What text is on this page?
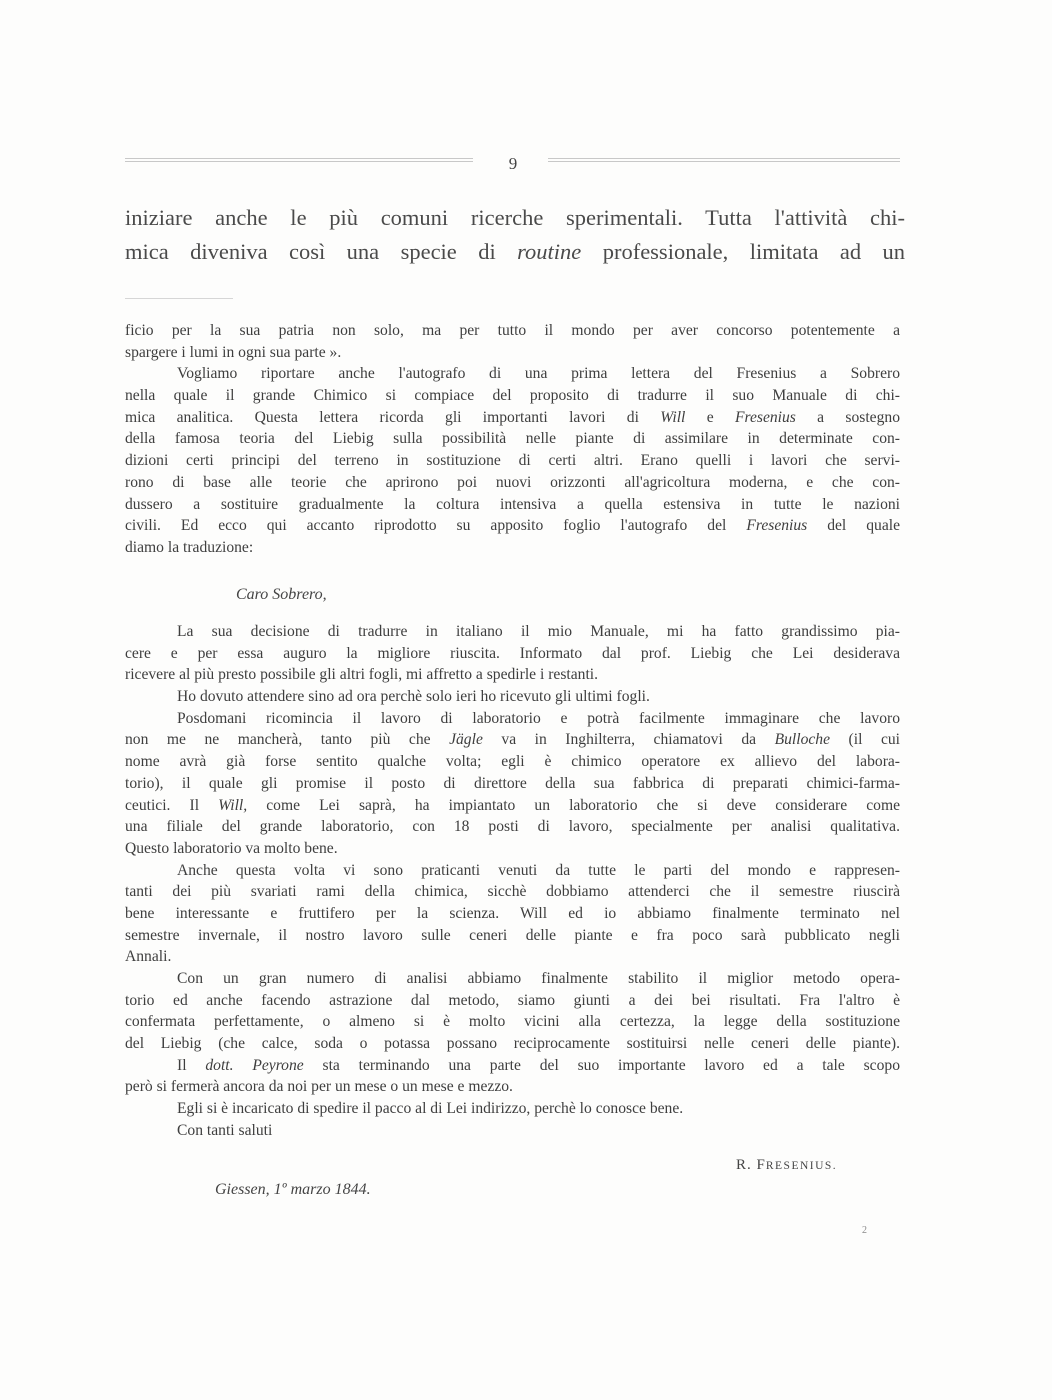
9
iniziare anche le più comuni ricerche sperimentali. Tutta l'attività chi-
mica diveniva così una specie di routine professionale, limitata ad un
ficio per la sua patria non solo, ma per tutto il mondo per aver concorso potentemente a
spargere i lumi in ogni sua parte ».
Vogliamo riportare anche l'autografo di una prima lettera del Fresenius a Sobrero
nella quale il grande Chimico si compiace del proposito di tradurre il suo Manuale di chi-
mica analitica. Questa lettera ricorda gli importanti lavori di Will e Fresenius a sostegno
della famosa teoria del Liebig sulla possibilità nelle piante di assimilare in determinate con-
dizioni certi principi del terreno in sostituzione di certi altri. Erano quelli i lavori che servi-
rono di base alle teorie che aprirono poi nuovi orizzonti all'agricoltura moderna, e che con-
dussero a sostituire gradualmente la coltura intensiva a quella estensiva in tutte le nazioni
civili. Ed ecco qui accanto riprodotto su apposito foglio l'autografo del Fresenius del quale
diamo la traduzione:
Caro Sobrero,
La sua decisione di tradurre in italiano il mio Manuale, mi ha fatto grandissimo pia-
cere e per essa auguro la migliore riuscita. Informato dal prof. Liebig che Lei desiderava
ricevere al più presto possibile gli altri fogli, mi affretto a spedirle i restanti.
Ho dovuto attendere sino ad ora perchè solo ieri ho ricevuto gli ultimi fogli.
Posdomani ricomincia il lavoro di laboratorio e potrà facilmente immaginare che lavoro
non me ne mancherà, tanto più che Jägle va in Inghilterra, chiamatovi da Bulloche (il cui
nome avrà già forse sentito qualche volta; egli è chimico operatore ex allievo del labora-
torio), il quale gli promise il posto di direttore della sua fabbrica di preparati chimici-farma-
ceutici. Il Will, come Lei saprà, ha impiantato un laboratorio che si deve considerare come
una filiale del grande laboratorio, con 18 posti di lavoro, specialmente per analisi qualitativa.
Questo laboratorio va molto bene.
Anche questa volta vi sono praticanti venuti da tutte le parti del mondo e rappresen-
tanti dei più svariati rami della chimica, sicchè dobbiamo attenderci che il semestre riuscirà
bene interessante e fruttifero per la scienza. Will ed io abbiamo finalmente terminato nel
semestre invernale, il nostro lavoro sulle ceneri delle piante e fra poco sarà pubblicato negli
Annali.
Con un gran numero di analisi abbiamo finalmente stabilito il miglior metodo opera-
torio ed anche facendo astrazione dal metodo, siamo giunti a dei bei risultati. Fra l'altro è
confermata perfettamente, o almeno si è molto vicini alla certezza, la legge della sostituzione
del Liebig (che calce, soda o potassa possano reciprocamente sostituirsi nelle ceneri delle piante).
Il dott. Peyrone sta terminando una parte del suo importante lavoro ed a tale scopo
però si fermerà ancora da noi per un mese o un mese e mezzo.
Egli si è incaricato di spedire il pacco al di Lei indirizzo, perchè lo conosce bene.
Con tanti saluti
R. FRESENIUS.
Giessen, 1º marzo 1844.
2
